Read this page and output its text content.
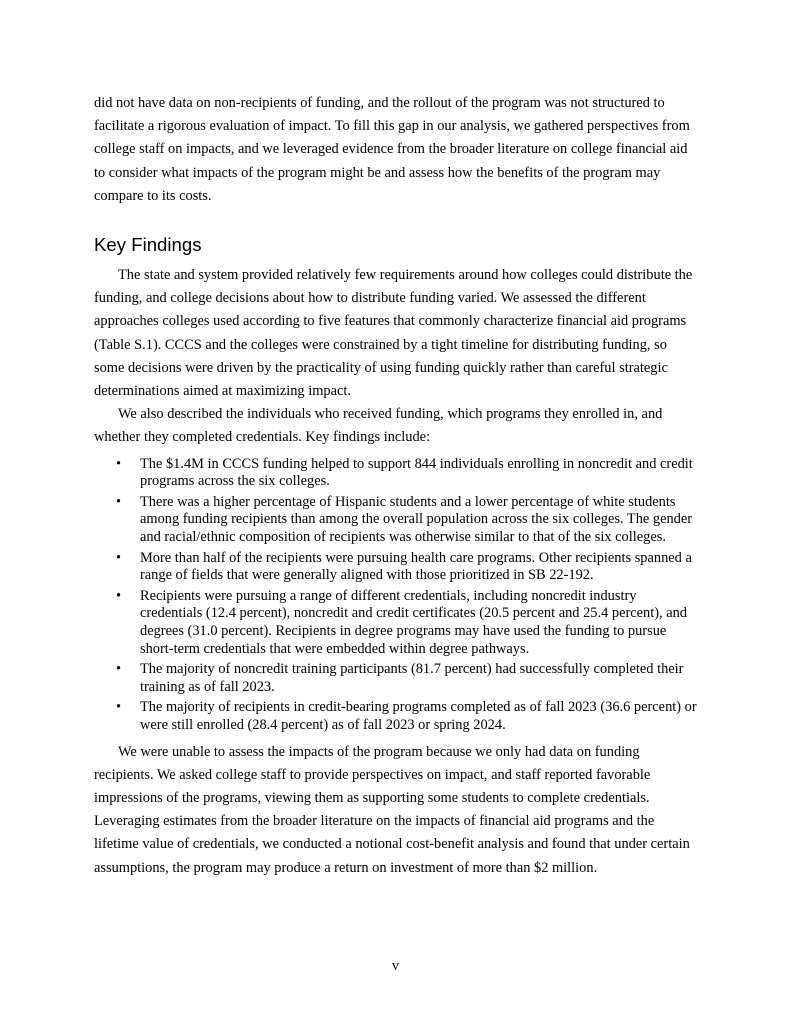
did not have data on non-recipients of funding, and the rollout of the program was not structured to facilitate a rigorous evaluation of impact. To fill this gap in our analysis, we gathered perspectives from college staff on impacts, and we leveraged evidence from the broader literature on college financial aid to consider what impacts of the program might be and assess how the benefits of the program may compare to its costs.

Key Findings

The state and system provided relatively few requirements around how colleges could distribute the funding, and college decisions about how to distribute funding varied. We assessed the different approaches colleges used according to five features that commonly characterize financial aid programs (Table S.1). CCCS and the colleges were constrained by a tight timeline for distributing funding, so some decisions were driven by the practicality of using funding quickly rather than careful strategic determinations aimed at maximizing impact.

We also described the individuals who received funding, which programs they enrolled in, and whether they completed credentials. Key findings include:

• The $1.4M in CCCS funding helped to support 844 individuals enrolling in noncredit and credit programs across the six colleges.
• There was a higher percentage of Hispanic students and a lower percentage of white students among funding recipients than among the overall population across the six colleges. The gender and racial/ethnic composition of recipients was otherwise similar to that of the six colleges.
• More than half of the recipients were pursuing health care programs. Other recipients spanned a range of fields that were generally aligned with those prioritized in SB 22-192.
• Recipients were pursuing a range of different credentials, including noncredit industry credentials (12.4 percent), noncredit and credit certificates (20.5 percent and 25.4 percent), and degrees (31.0 percent). Recipients in degree programs may have used the funding to pursue short-term credentials that were embedded within degree pathways.
• The majority of noncredit training participants (81.7 percent) had successfully completed their training as of fall 2023.
• The majority of recipients in credit-bearing programs completed as of fall 2023 (36.6 percent) or were still enrolled (28.4 percent) as of fall 2023 or spring 2024.

We were unable to assess the impacts of the program because we only had data on funding recipients. We asked college staff to provide perspectives on impact, and staff reported favorable impressions of the programs, viewing them as supporting some students to complete credentials. Leveraging estimates from the broader literature on the impacts of financial aid programs and the lifetime value of credentials, we conducted a notional cost-benefit analysis and found that under certain assumptions, the program may produce a return on investment of more than $2 million.

v
